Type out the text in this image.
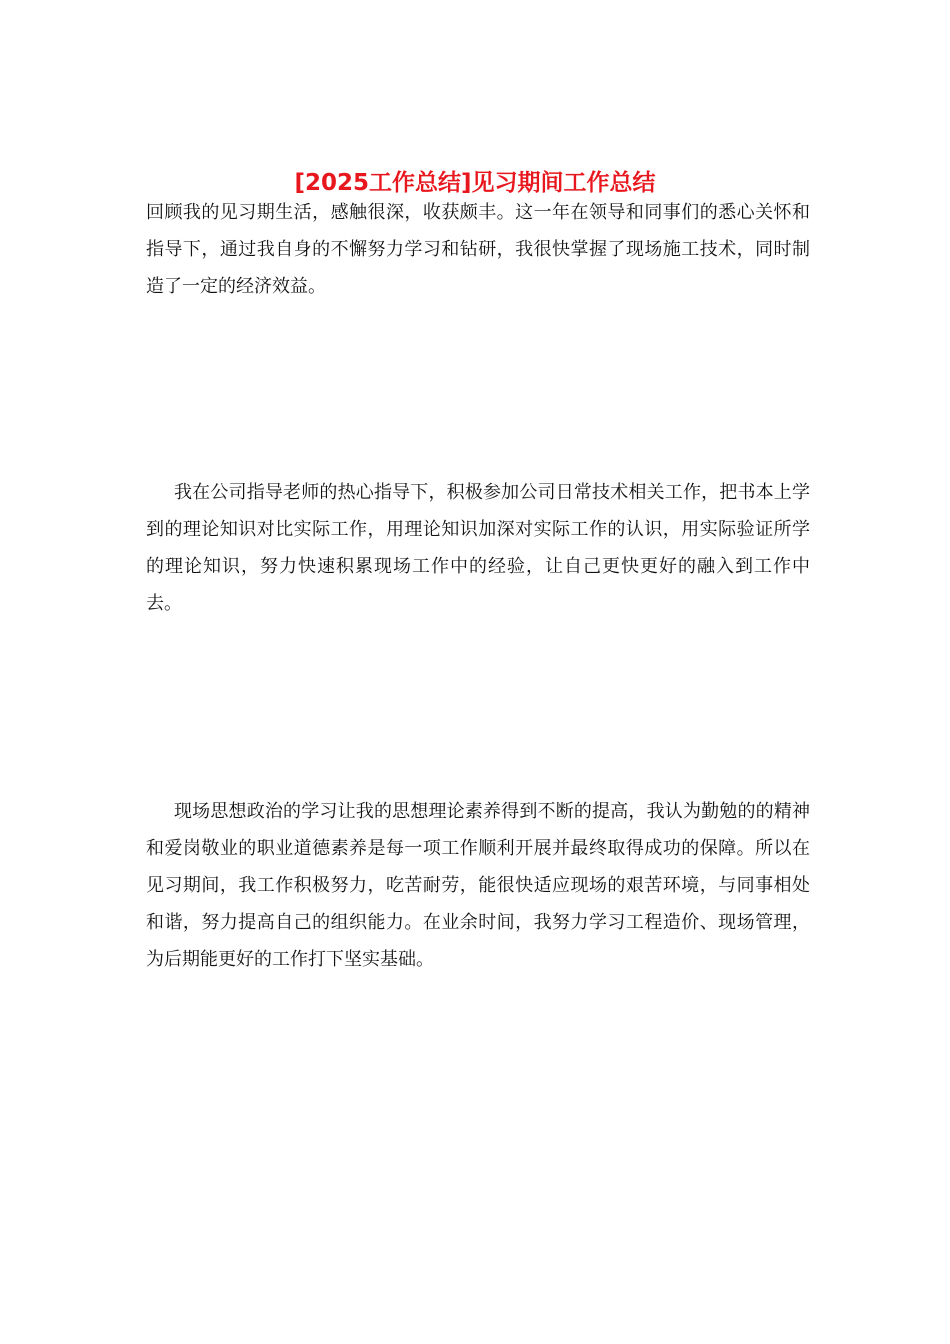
[2025工作总结]见习期间工作总结

回顾我的见习期生活，感触很深，收获颇丰。这一年在领导和同事们的悉心关怀和指导下，通过我自身的不懈努力学习和钻研，我很快掌握了现场施工技术，同时制造了一定的经济效益。

我在公司指导老师的热心指导下，积极参加公司日常技术相关工作，把书本上学到的理论知识对比实际工作，用理论知识加深对实际工作的认识，用实际验证所学的理论知识，努力快速积累现场工作中的经验，让自己更快更好的融入到工作中去。

现场思想政治的学习让我的思想理论素养得到不断的提高，我认为勤勉的的精神和爱岗敬业的职业道德素养是每一项工作顺利开展并最终取得成功的保障。所以在见习期间，我工作积极努力，吃苦耐劳，能很快适应现场的艰苦环境，与同事相处和谐，努力提高自己的组织能力。在业余时间，我努力学习工程造价、现场管理，为后期能更好的工作打下坚实基础。
